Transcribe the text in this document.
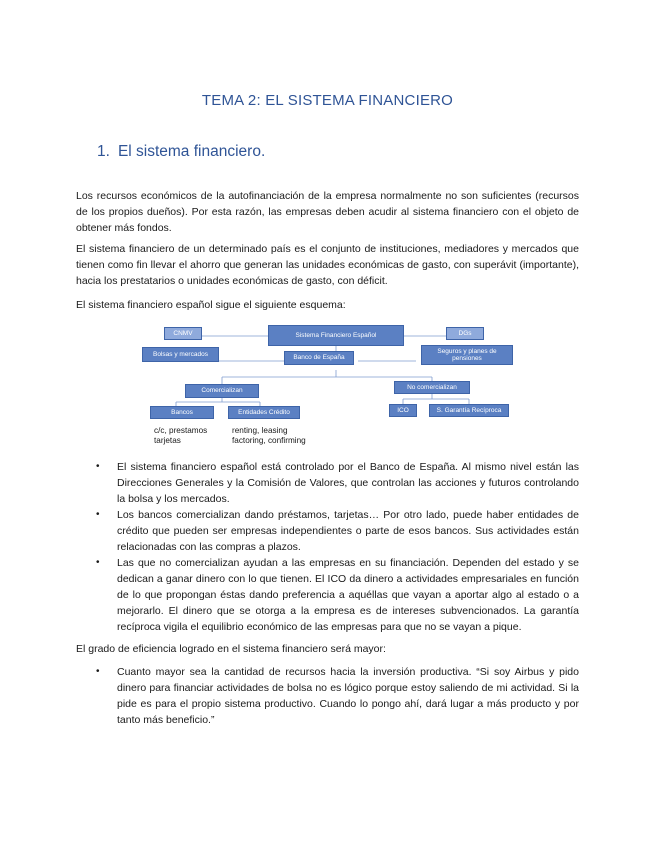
TEMA 2: EL SISTEMA FINANCIERO
1. El sistema financiero.

Los recursos económicos de la autofinanciación de la empresa normalmente no son suficientes (recursos de los propios dueños). Por esta razón, las empresas deben acudir al sistema financiero con el objeto de obtener más fondos.

El sistema financiero de un determinado país es el conjunto de instituciones, mediadores y mercados que tienen como fin llevar el ahorro que generan las unidades económicas de gasto, con superávit (importante), hacia los prestatarios o unidades económicas de gasto, con déficit.

El sistema financiero español sigue el siguiente esquema:

CNMV
Bolsas y mercados
Sistema Financiero Español	DGs
Seguros y planes de pensiones
Banco de España
Comercializan	No comercializan
Bancos	Entidades Crédito	ICO	S. Garantía Recíproca
c/c, prestamos
tarjetas
renting, leasing
factoring, confirming
• El sistema financiero español está controlado por el Banco de España. Al mismo nivel están las Direcciones Generales y la Comisión de Valores, que controlan las acciones y futuros controlando la bolsa y los mercados.
• Los bancos comercializan dando préstamos, tarjetas… Por otro lado, puede haber entidades de crédito que pueden ser empresas independientes o parte de esos bancos. Sus actividades están relacionadas con las compras a plazos.
• Las que no comercializan ayudan a las empresas en su financiación. Dependen del estado y se dedican a ganar dinero con lo que tienen. El ICO da dinero a actividades empresariales en función de lo que propongan éstas dando preferencia a aquéllas que vayan a aportar algo al estado o a mejorarlo. El dinero que se otorga a la empresa es de intereses subvencionados. La garantía recíproca vigila el equilibrio económico de las empresas para que no se vayan a pique.

El grado de eficiencia logrado en el sistema financiero será mayor:

• Cuanto mayor sea la cantidad de recursos hacia la inversión productiva. “Si soy Airbus y pido dinero para financiar actividades de bolsa no es lógico porque estoy saliendo de mi actividad. Si la pide es para el propio sistema productivo. Cuando lo pongo ahí, dará lugar a más producto y por tanto más beneficio.”
